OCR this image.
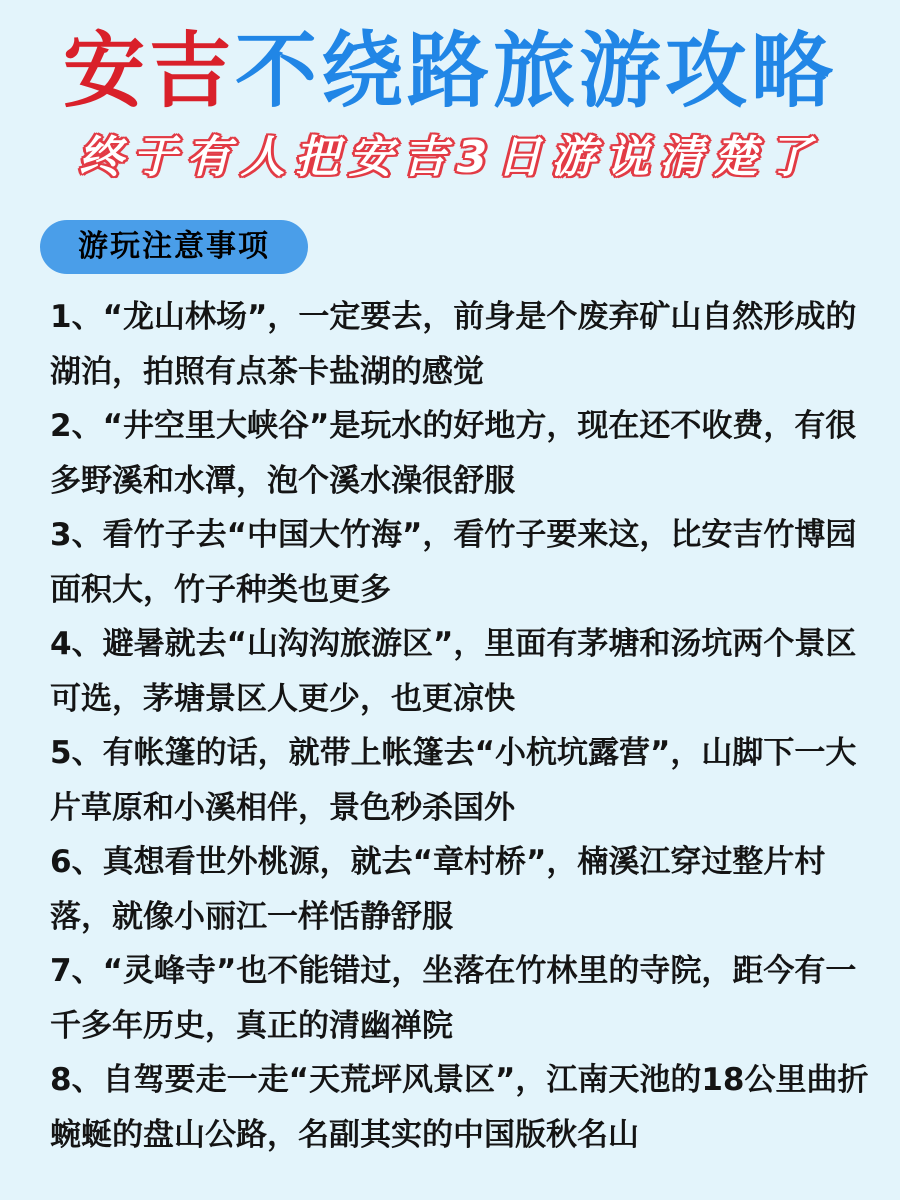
安吉不绕路旅游攻略
终于有人把安吉3日游说清楚了
游玩注意事项

1、“龙山林场”，一定要去，前身是个废弃矿山自然形成的湖泊，拍照有点茶卡盐湖的感觉

2、“井空里大峡谷”是玩水的好地方，现在还不收费，有很多野溪和水潭，泡个溪水澡很舒服

3、看竹子去“中国大竹海”，看竹子要来这，比安吉竹博园面积大，竹子种类也更多

4、避暑就去“山沟沟旅游区”，里面有茅塘和汤坑两个景区可选，茅塘景区人更少，也更凉快

5、有帐篷的话，就带上帐篷去“小杭坑露营”，山脚下一大片草原和小溪相伴，景色秒杀国外

6、真想看世外桃源，就去“章村桥”，楠溪江穿过整片村落，就像小丽江一样恬静舒服

7、“灵峰寺”也不能错过，坐落在竹林里的寺院，距今有一千多年历史，真正的清幽禅院

8、自驾要走一走“天荒坪风景区”，江南天池的18公里曲折蜿蜒的盘山公路，名副其实的中国版秋名山
